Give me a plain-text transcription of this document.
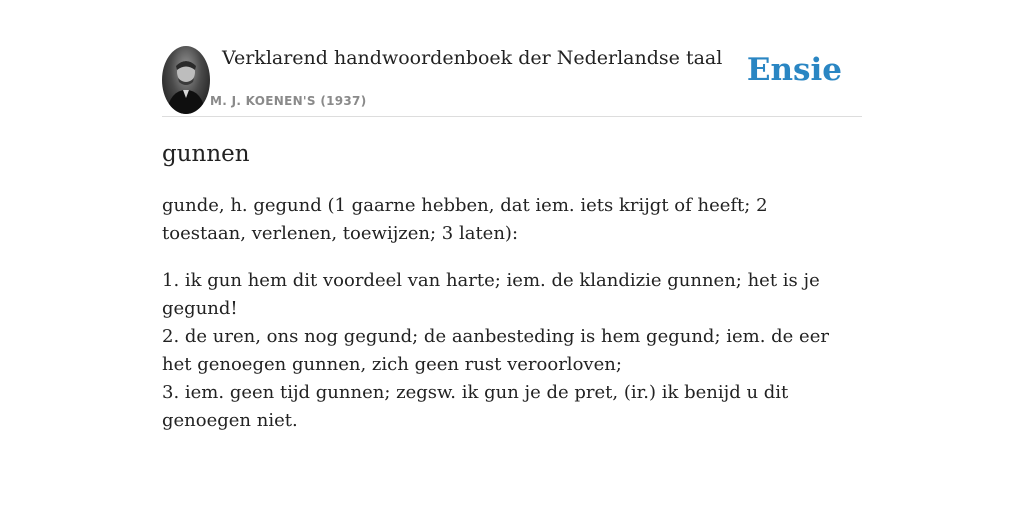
Verklarend handwoordenboek der Nederlandse taal
M. J. KOENEN'S (1937)
Ensie
gunnen

gunde, h. gegund (1 gaarne hebben, dat iem. iets krijgt of heeft; 2 toestaan, verlenen, toewijzen; 3 laten):

1. ik gun hem dit voordeel van harte; iem. de klandizie gunnen; het is je gegund!
2. de uren, ons nog gegund; de aanbesteding is hem gegund; iem. de eer het genoegen gunnen, zich geen rust veroorloven;
3. iem. geen tijd gunnen; zegsw. ik gun je de pret, (ir.) ik benijd u dit genoegen niet.
